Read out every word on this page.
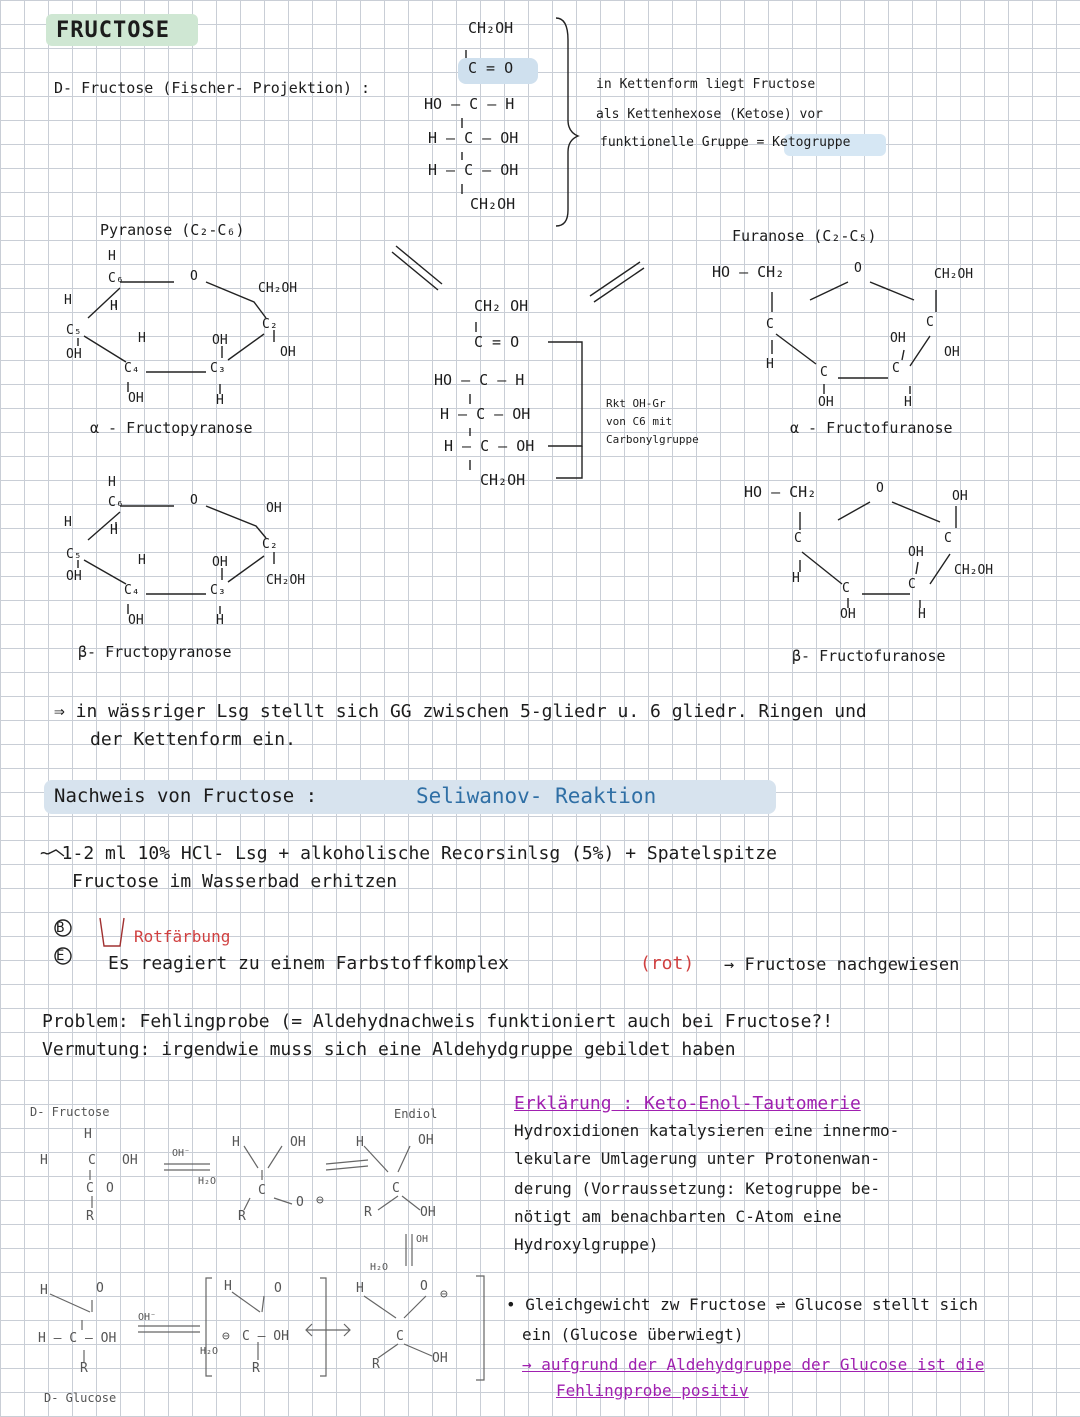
FRUCTOSE
D- Fructose (Fischer- Projektion) :
CH₂OH
C = O
HO – C – H
H – C – OH
H – C – OH
CH₂OH
in Kettenform liegt Fructose
als Kettenhexose (Ketose) vor
funktionelle Gruppe = Ketogruppe
Pyranose (C₂-C₆)
H
C₆	O
CH₂OH
H	H
C₂
C₅
H	OH
OH	OH
C₄	C₃
OH	H
α - Fructopyranose
H
C₆	O
OH
H
H
C₂
C₅	H	OH
OH	CH₂OH
C₄	C₃
OH	H
β- Fructopyranose
CH₂ OH
C = O
HO – C – H
H – C – OH
H – C – OH
CH₂OH
Rkt OH-Gr
von C6 mit
Carbonylgruppe
Furanose (C₂-C₅)
HO – CH₂	O	CH₂OH
C	C
OH
OH
H
C	C
OH	H
α - Fructofuranose
HO – CH₂	O
OH
C
C
OH
CH₂OH
H
C	C
OH	H
β- Fructofuranose
⇒ in wässriger Lsg stellt sich GG zwischen 5-gliedr u. 6 gliedr. Ringen und
der Kettenform ein.
Nachweis von Fructose :	Seliwanov- Reaktion
~ 1-2 ml 10% HCl- Lsg + alkoholische Recorsinlsg (5%) + Spatelspitze
Fructose im Wasserbad erhitzen
B
E
Rotfärbung
Es reagiert zu einem Farbstoffkomplex	(rot) → Fructose nachgewiesen
Problem: Fehlingprobe (= Aldehydnachweis funktioniert auch bei Fructose?!
Vermutung: irgendwie muss sich eine Aldehydgruppe gebildet haben
D- Fructose
D- Glucose
Endiol
H
H	C OH
C O
R
OH⁻
H₂O
H	OH
C
O ⊖
R
H	OH
C
R	OH
OH
H₂O
H	O
H – C – OH
R
OH⁻
H₂O
H	O
⊖ C – OH
R
H	O
⊖
C
R	OH
Erklärung : Keto-Enol-Tautomerie
Hydroxidionen katalysieren eine innermo-
lekulare Umlagerung unter Protonenwan-
derung (Vorraussetzung: Ketogruppe be-
nötigt am benachbarten C-Atom eine
Hydroxylgruppe)
• Gleichgewicht zw Fructose ⇌ Glucose stellt sich
ein (Glucose überwiegt)
→ aufgrund der Aldehydgruppe der Glucose ist die
Fehlingprobe positiv
